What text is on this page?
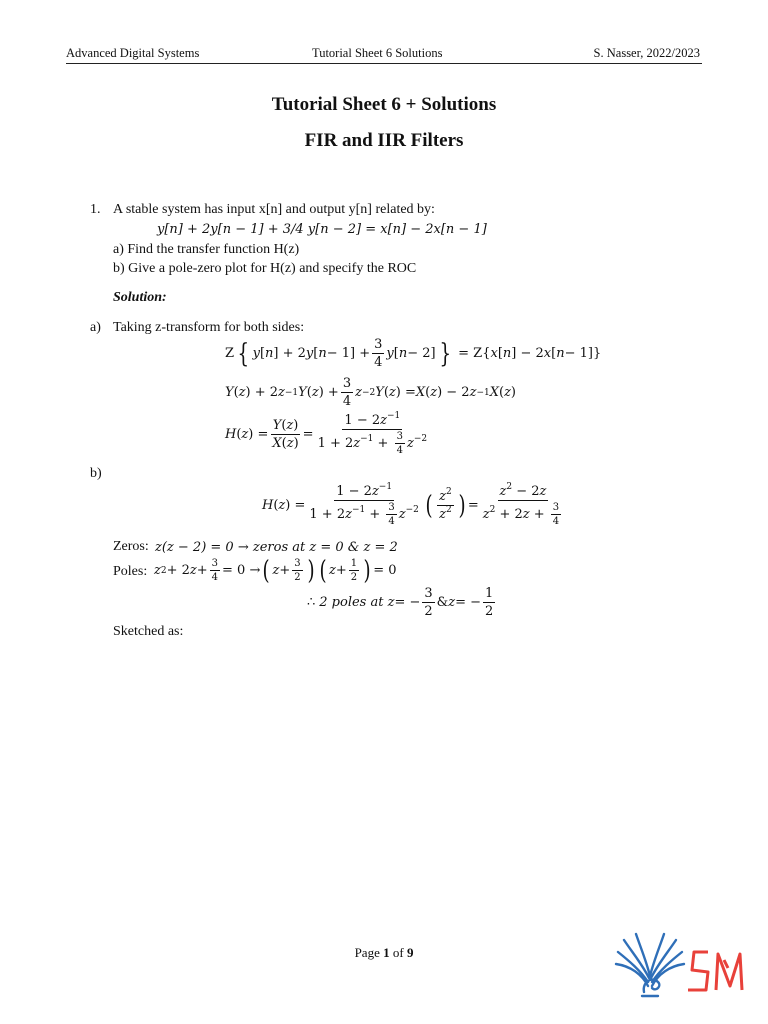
Advanced Digital Systems	Tutorial Sheet 6 Solutions	S. Nasser, 2022/2023
Tutorial Sheet 6 + Solutions
FIR and IIR Filters
1. A stable system has input x[n] and output y[n] related by:
y[n] + 2y[n − 1] + 3/4 y[n − 2] = x[n] − 2x[n − 1]
a) Find the transfer function H(z)
b) Give a pole-zero plot for H(z) and specify the ROC
Solution:
a) Taking z-transform for both sides:
Z { y [ n ] + 2 y [ $n - 1] + \frac{3}{4}$ y [ n − 2] } = Z{ x [ n ] − 2 x [ n − 1]}
Y ( z ) + 2 z −1 Y ( z ) + $\frac{3}{4}$ z −2 Y ( z ) = X ( z ) − 2 z −1 X ( z )
H ( z ) = $\frac{Y(z)}{X(z)} = \frac{1 - 2z^{-1}}{1 + 2z^{-1} + \frac{3}{4} z^{-2}}$
b)
H ( z ) = $\frac{1 - 2z^{-1}}{1 + 2z^{-1} + \frac{3}{4} z^{-2}}$ ( $\frac{z^2}{z^2}$ ) = $\frac{z^2 - 2z}{z^2 + 2z + \frac{3}{4}}$
Zeros: z(z − 2) = 0 → zeros at z = 0 & z = 2
Poles: z 2 + 2 $z + \frac{3}{4} = 0$ → ( $z + \frac{3}{2}$ ) ( $z + \frac{1}{2}$ ) = 0
∴ 2 poles at z = − $\frac{3}{2}$ & z = − $\frac{1}{2}$
Sketched as:
Page 1 of 9
